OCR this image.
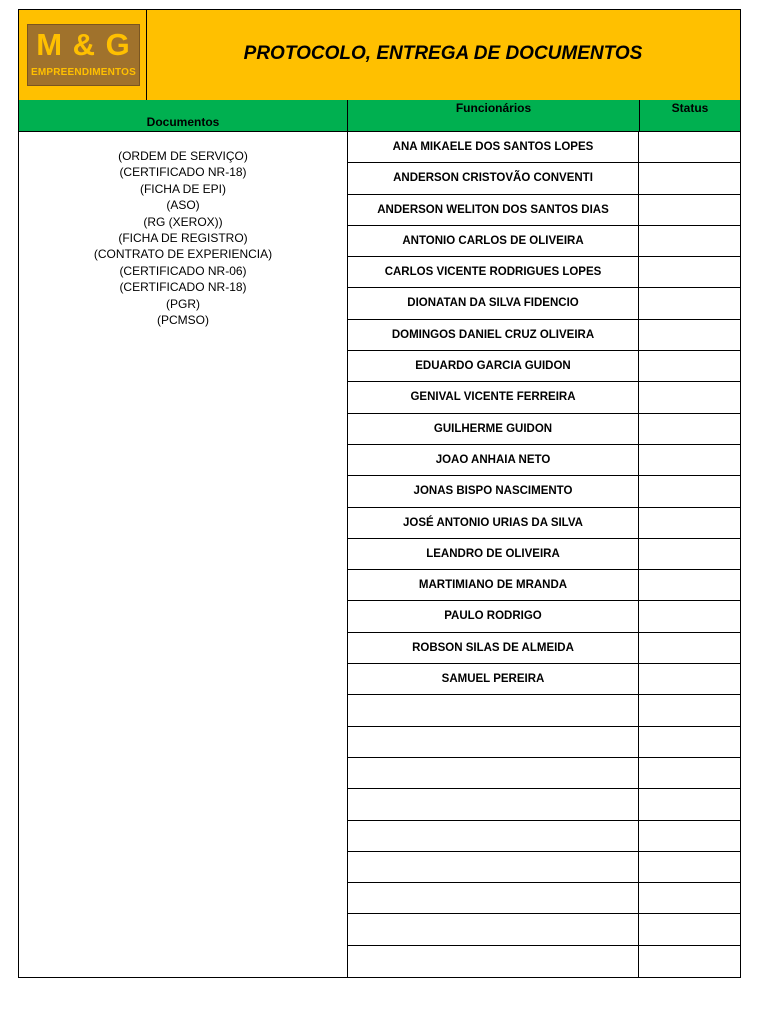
M & G
EMPREENDIMENTOS
PROTOCOLO, ENTREGA DE DOCUMENTOS
Documentos
Funcionários	Status
(ORDEM DE SERVIÇO)
(CERTIFICADO NR-18)
(FICHA DE EPI)
(ASO)
(RG (XEROX))
(FICHA DE REGISTRO)
(CONTRATO DE EXPERIENCIA)
(CERTIFICADO NR-06)
(CERTIFICADO NR-18)
(PGR)
(PCMSO)
ANA MIKAELE DOS SANTOS LOPES
ANDERSON CRISTOVÃO CONVENTI
ANDERSON WELITON DOS SANTOS DIAS
ANTONIO CARLOS DE OLIVEIRA
CARLOS VICENTE RODRIGUES LOPES
DIONATAN DA SILVA FIDENCIO
DOMINGOS DANIEL CRUZ OLIVEIRA
EDUARDO GARCIA GUIDON
GENIVAL VICENTE FERREIRA
GUILHERME GUIDON
JOAO ANHAIA NETO
JONAS BISPO NASCIMENTO
JOSÉ ANTONIO URIAS DA SILVA
LEANDRO DE OLIVEIRA
MARTIMIANO DE MRANDA
PAULO RODRIGO
ROBSON SILAS DE ALMEIDA
SAMUEL PEREIRA
